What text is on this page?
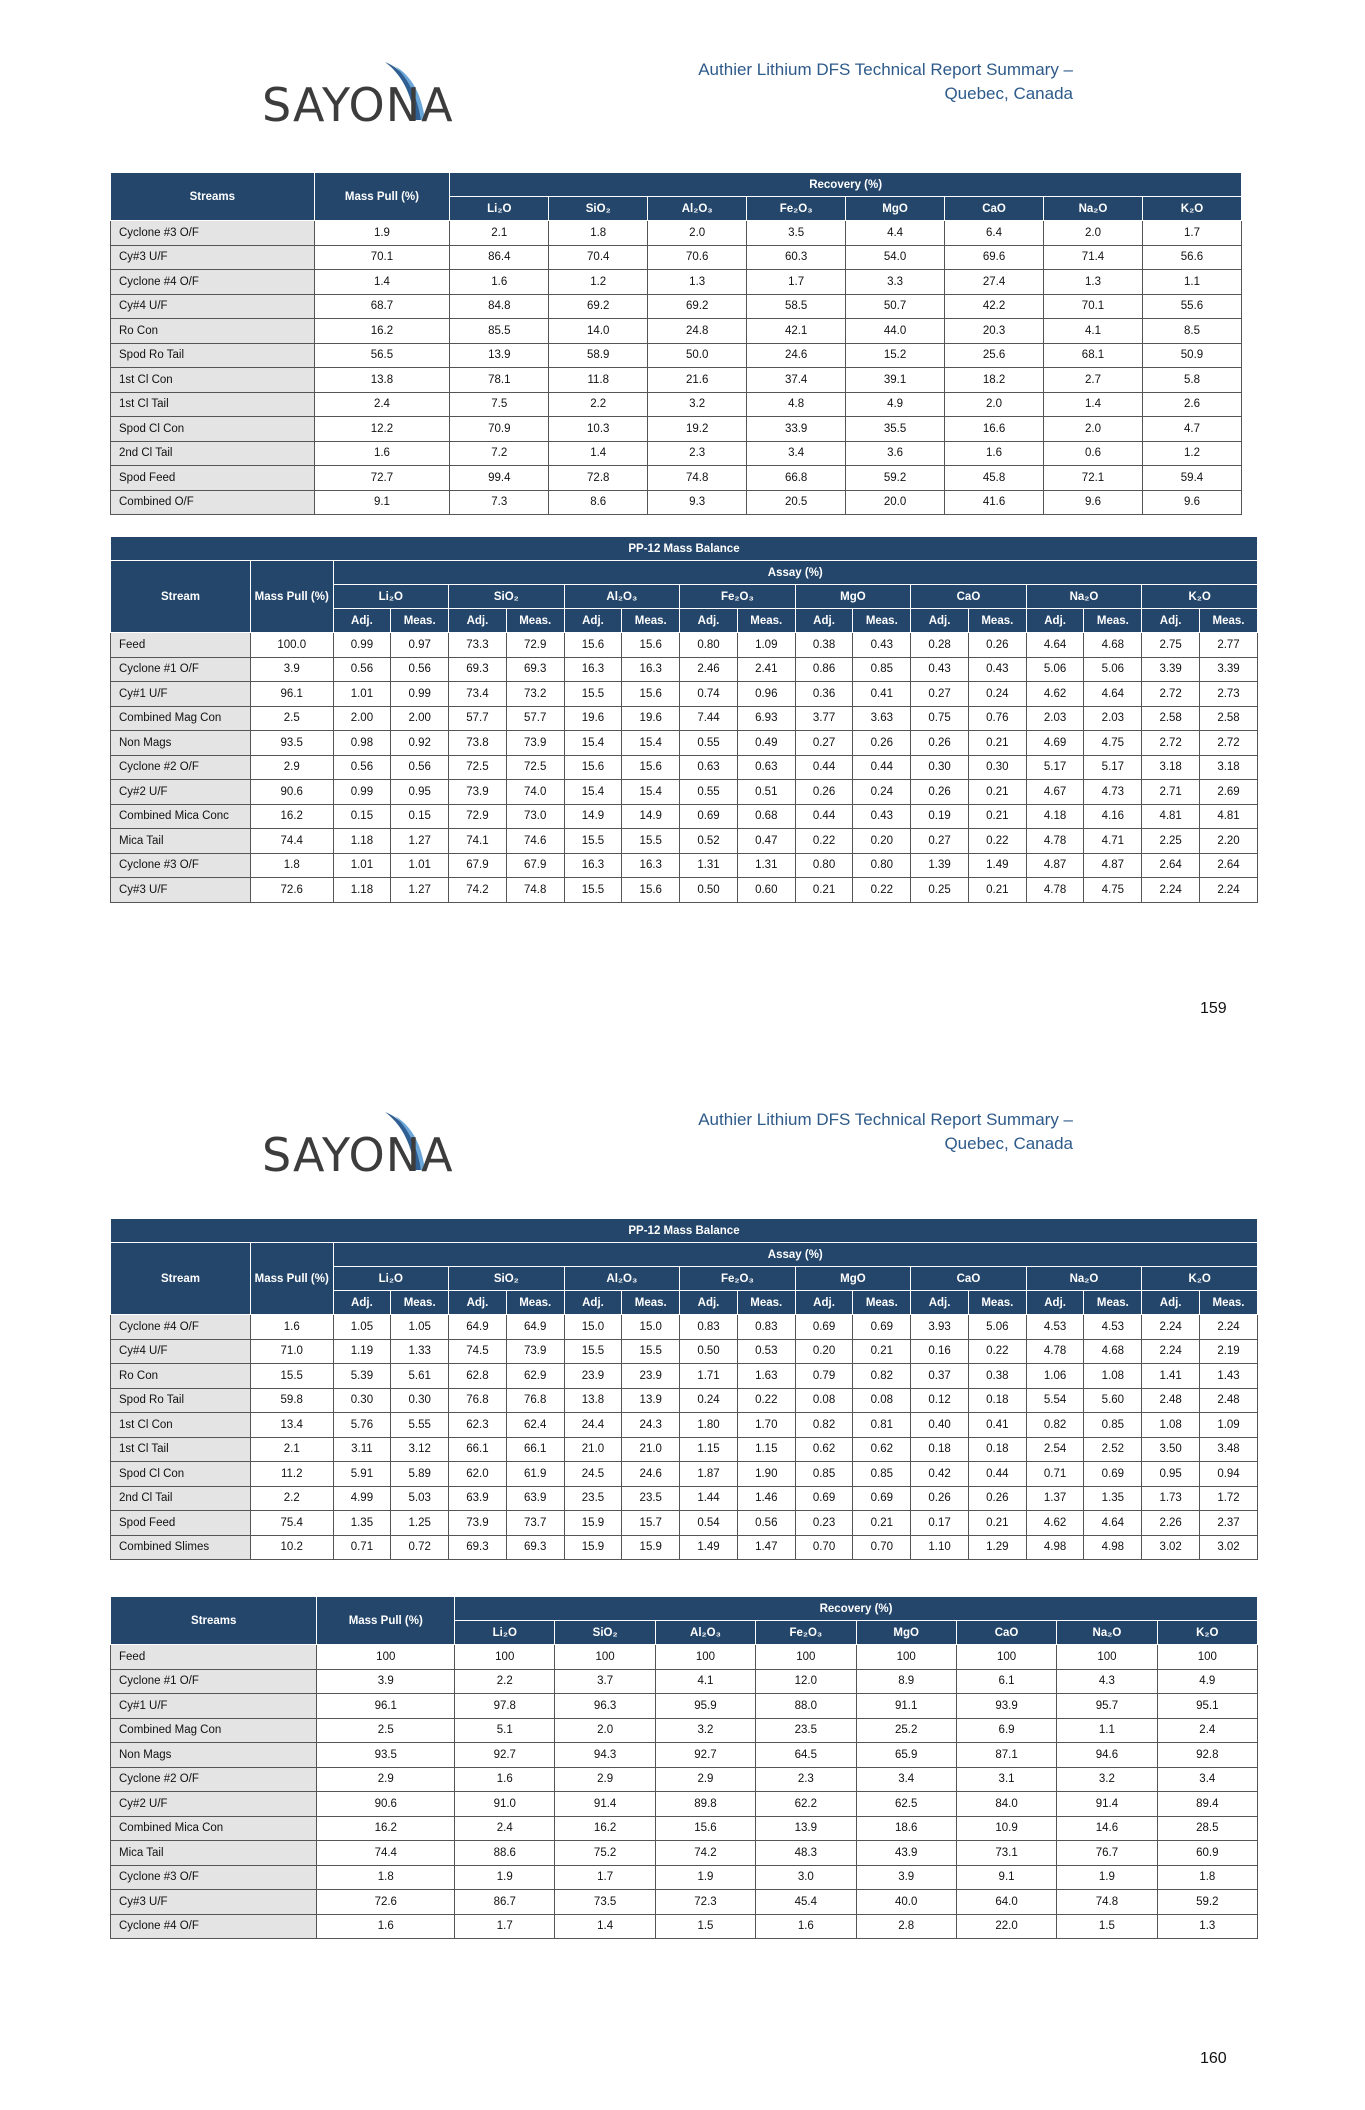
SAYONA
Authier Lithium DFS Technical Report Summary –
Quebec, Canada
Streams	Mass Pull (%)	Recovery (%)							
		Li₂O	SiO₂	Al₂O₃	Fe₂O₃	MgO	CaO	Na₂O	K₂O
Cyclone #3 O/F	1.9	2.1	1.8	2.0	3.5	4.4	6.4	2.0	1.7
Cy#3 U/F	70.1	86.4	70.4	70.6	60.3	54.0	69.6	71.4	56.6
Cyclone #4 O/F	1.4	1.6	1.2	1.3	1.7	3.3	27.4	1.3	1.1
Cy#4 U/F	68.7	84.8	69.2	69.2	58.5	50.7	42.2	70.1	55.6
Ro Con	16.2	85.5	14.0	24.8	42.1	44.0	20.3	4.1	8.5
Spod Ro Tail	56.5	13.9	58.9	50.0	24.6	15.2	25.6	68.1	50.9
1st Cl Con	13.8	78.1	11.8	21.6	37.4	39.1	18.2	2.7	5.8
1st Cl Tail	2.4	7.5	2.2	3.2	4.8	4.9	2.0	1.4	2.6
Spod Cl Con	12.2	70.9	10.3	19.2	33.9	35.5	16.6	2.0	4.7
2nd Cl Tail	1.6	7.2	1.4	2.3	3.4	3.6	1.6	0.6	1.2
Spod Feed	72.7	99.4	72.8	74.8	66.8	59.2	45.8	72.1	59.4
Combined O/F	9.1	7.3	8.6	9.3	20.5	20.0	41.6	9.6	9.6
PP-12 Mass Balance																	
Stream	Mass Pull (%)	Assay (%)															
		Li₂O		SiO₂		Al₂O₃		Fe₂O₃		MgO		CaO		Na₂O		K₂O	
		Adj.	Meas.	Adj.	Meas.	Adj.	Meas.	Adj.	Meas.	Adj.	Meas.	Adj.	Meas.	Adj.	Meas.	Adj.	Meas.
Feed	100.0	0.99	0.97	73.3	72.9	15.6	15.6	0.80	1.09	0.38	0.43	0.28	0.26	4.64	4.68	2.75	2.77
Cyclone #1 O/F	3.9	0.56	0.56	69.3	69.3	16.3	16.3	2.46	2.41	0.86	0.85	0.43	0.43	5.06	5.06	3.39	3.39
Cy#1 U/F	96.1	1.01	0.99	73.4	73.2	15.5	15.6	0.74	0.96	0.36	0.41	0.27	0.24	4.62	4.64	2.72	2.73
Combined Mag Con	2.5	2.00	2.00	57.7	57.7	19.6	19.6	7.44	6.93	3.77	3.63	0.75	0.76	2.03	2.03	2.58	2.58
Non Mags	93.5	0.98	0.92	73.8	73.9	15.4	15.4	0.55	0.49	0.27	0.26	0.26	0.21	4.69	4.75	2.72	2.72
Cyclone #2 O/F	2.9	0.56	0.56	72.5	72.5	15.6	15.6	0.63	0.63	0.44	0.44	0.30	0.30	5.17	5.17	3.18	3.18
Cy#2 U/F	90.6	0.99	0.95	73.9	74.0	15.4	15.4	0.55	0.51	0.26	0.24	0.26	0.21	4.67	4.73	2.71	2.69
Combined Mica Conc	16.2	0.15	0.15	72.9	73.0	14.9	14.9	0.69	0.68	0.44	0.43	0.19	0.21	4.18	4.16	4.81	4.81
Mica Tail	74.4	1.18	1.27	74.1	74.6	15.5	15.5	0.52	0.47	0.22	0.20	0.27	0.22	4.78	4.71	2.25	2.20
Cyclone #3 O/F	1.8	1.01	1.01	67.9	67.9	16.3	16.3	1.31	1.31	0.80	0.80	1.39	1.49	4.87	4.87	2.64	2.64
Cy#3 U/F	72.6	1.18	1.27	74.2	74.8	15.5	15.6	0.50	0.60	0.21	0.22	0.25	0.21	4.78	4.75	2.24	2.24
159
SAYONA
Authier Lithium DFS Technical Report Summary –
Quebec, Canada
PP-12 Mass Balance																	
Stream	Mass Pull (%)	Assay (%)															
		Li₂O		SiO₂		Al₂O₃		Fe₂O₃		MgO		CaO		Na₂O		K₂O	
		Adj.	Meas.	Adj.	Meas.	Adj.	Meas.	Adj.	Meas.	Adj.	Meas.	Adj.	Meas.	Adj.	Meas.	Adj.	Meas.
Cyclone #4 O/F	1.6	1.05	1.05	64.9	64.9	15.0	15.0	0.83	0.83	0.69	0.69	3.93	5.06	4.53	4.53	2.24	2.24
Cy#4 U/F	71.0	1.19	1.33	74.5	73.9	15.5	15.5	0.50	0.53	0.20	0.21	0.16	0.22	4.78	4.68	2.24	2.19
Ro Con	15.5	5.39	5.61	62.8	62.9	23.9	23.9	1.71	1.63	0.79	0.82	0.37	0.38	1.06	1.08	1.41	1.43
Spod Ro Tail	59.8	0.30	0.30	76.8	76.8	13.8	13.9	0.24	0.22	0.08	0.08	0.12	0.18	5.54	5.60	2.48	2.48
1st Cl Con	13.4	5.76	5.55	62.3	62.4	24.4	24.3	1.80	1.70	0.82	0.81	0.40	0.41	0.82	0.85	1.08	1.09
1st Cl Tail	2.1	3.11	3.12	66.1	66.1	21.0	21.0	1.15	1.15	0.62	0.62	0.18	0.18	2.54	2.52	3.50	3.48
Spod Cl Con	11.2	5.91	5.89	62.0	61.9	24.5	24.6	1.87	1.90	0.85	0.85	0.42	0.44	0.71	0.69	0.95	0.94
2nd Cl Tail	2.2	4.99	5.03	63.9	63.9	23.5	23.5	1.44	1.46	0.69	0.69	0.26	0.26	1.37	1.35	1.73	1.72
Spod Feed	75.4	1.35	1.25	73.9	73.7	15.9	15.7	0.54	0.56	0.23	0.21	0.17	0.21	4.62	4.64	2.26	2.37
Combined Slimes	10.2	0.71	0.72	69.3	69.3	15.9	15.9	1.49	1.47	0.70	0.70	1.10	1.29	4.98	4.98	3.02	3.02
Streams	Mass Pull (%)	Recovery (%)							
		Li₂O	SiO₂	Al₂O₃	Fe₂O₃	MgO	CaO	Na₂O	K₂O
Feed	100	100	100	100	100	100	100	100	100
Cyclone #1 O/F	3.9	2.2	3.7	4.1	12.0	8.9	6.1	4.3	4.9
Cy#1 U/F	96.1	97.8	96.3	95.9	88.0	91.1	93.9	95.7	95.1
Combined Mag Con	2.5	5.1	2.0	3.2	23.5	25.2	6.9	1.1	2.4
Non Mags	93.5	92.7	94.3	92.7	64.5	65.9	87.1	94.6	92.8
Cyclone #2 O/F	2.9	1.6	2.9	2.9	2.3	3.4	3.1	3.2	3.4
Cy#2 U/F	90.6	91.0	91.4	89.8	62.2	62.5	84.0	91.4	89.4
Combined Mica Con	16.2	2.4	16.2	15.6	13.9	18.6	10.9	14.6	28.5
Mica Tail	74.4	88.6	75.2	74.2	48.3	43.9	73.1	76.7	60.9
Cyclone #3 O/F	1.8	1.9	1.7	1.9	3.0	3.9	9.1	1.9	1.8
Cy#3 U/F	72.6	86.7	73.5	72.3	45.4	40.0	64.0	74.8	59.2
Cyclone #4 O/F	1.6	1.7	1.4	1.5	1.6	2.8	22.0	1.5	1.3
160
